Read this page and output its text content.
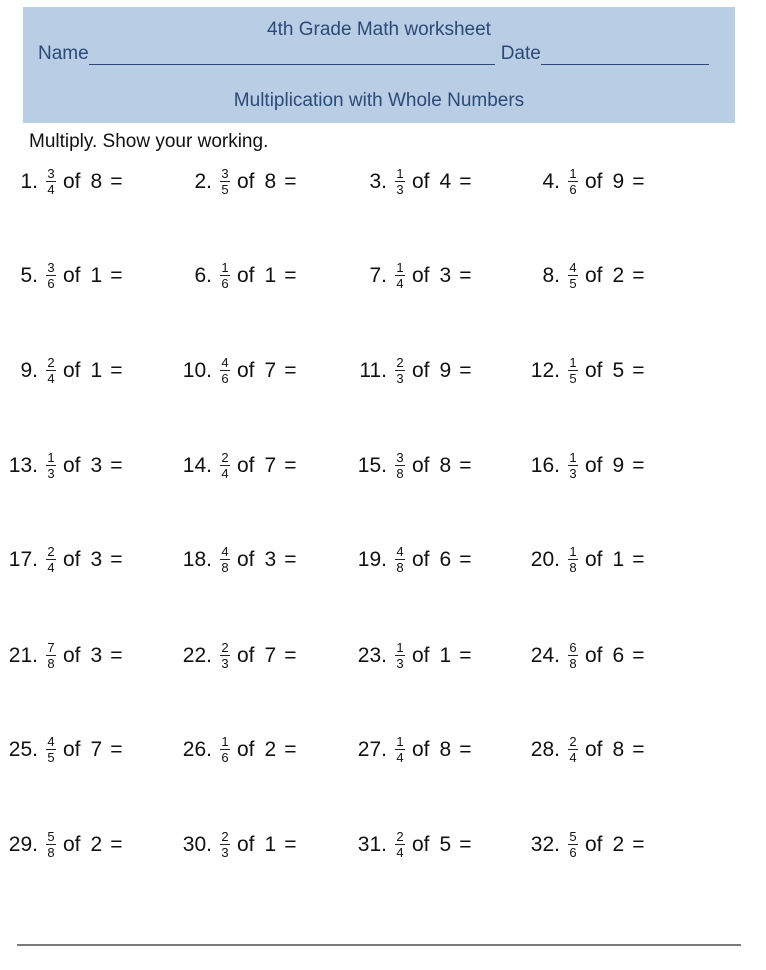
4th Grade Math worksheet
Name	Date
Multiplication with Whole Numbers
Multiply. Show your working.
1. $\frac{3}{4}$ of 8 =	2. $\frac{3}{5}$ of 8 =	3. $\frac{1}{3}$ of 4 =	4. $\frac{1}{6}$ of 9 =
5. $\frac{3}{6}$ of 1 =	6. $\frac{1}{6}$ of 1 =	7. $\frac{1}{4}$ of 3 =	8. $\frac{4}{5}$ of 2 =
9. $\frac{2}{4}$ of 1 =	10. $\frac{4}{6}$ of 7 =	11. $\frac{2}{3}$ of 9 =	12. $\frac{1}{5}$ of 5 =
13. $\frac{1}{3}$ of 3 =	14. $\frac{2}{4}$ of 7 =	15. $\frac{3}{8}$ of 8 =	16. $\frac{1}{3}$ of 9 =
17. $\frac{2}{4}$ of 3 =	18. $\frac{4}{8}$ of 3 =	19. $\frac{4}{8}$ of 6 =	20. $\frac{1}{8}$ of 1 =
21. $\frac{7}{8}$ of 3 =	22. $\frac{2}{3}$ of 7 =	23. $\frac{1}{3}$ of 1 =	24. $\frac{6}{8}$ of 6 =
25. $\frac{4}{5}$ of 7 =	26. $\frac{1}{6}$ of 2 =	27. $\frac{1}{4}$ of 8 =	28. $\frac{2}{4}$ of 8 =
29. $\frac{5}{8}$ of 2 =	30. $\frac{2}{3}$ of 1 =	31. $\frac{2}{4}$ of 5 =	32. $\frac{5}{6}$ of 2 =
